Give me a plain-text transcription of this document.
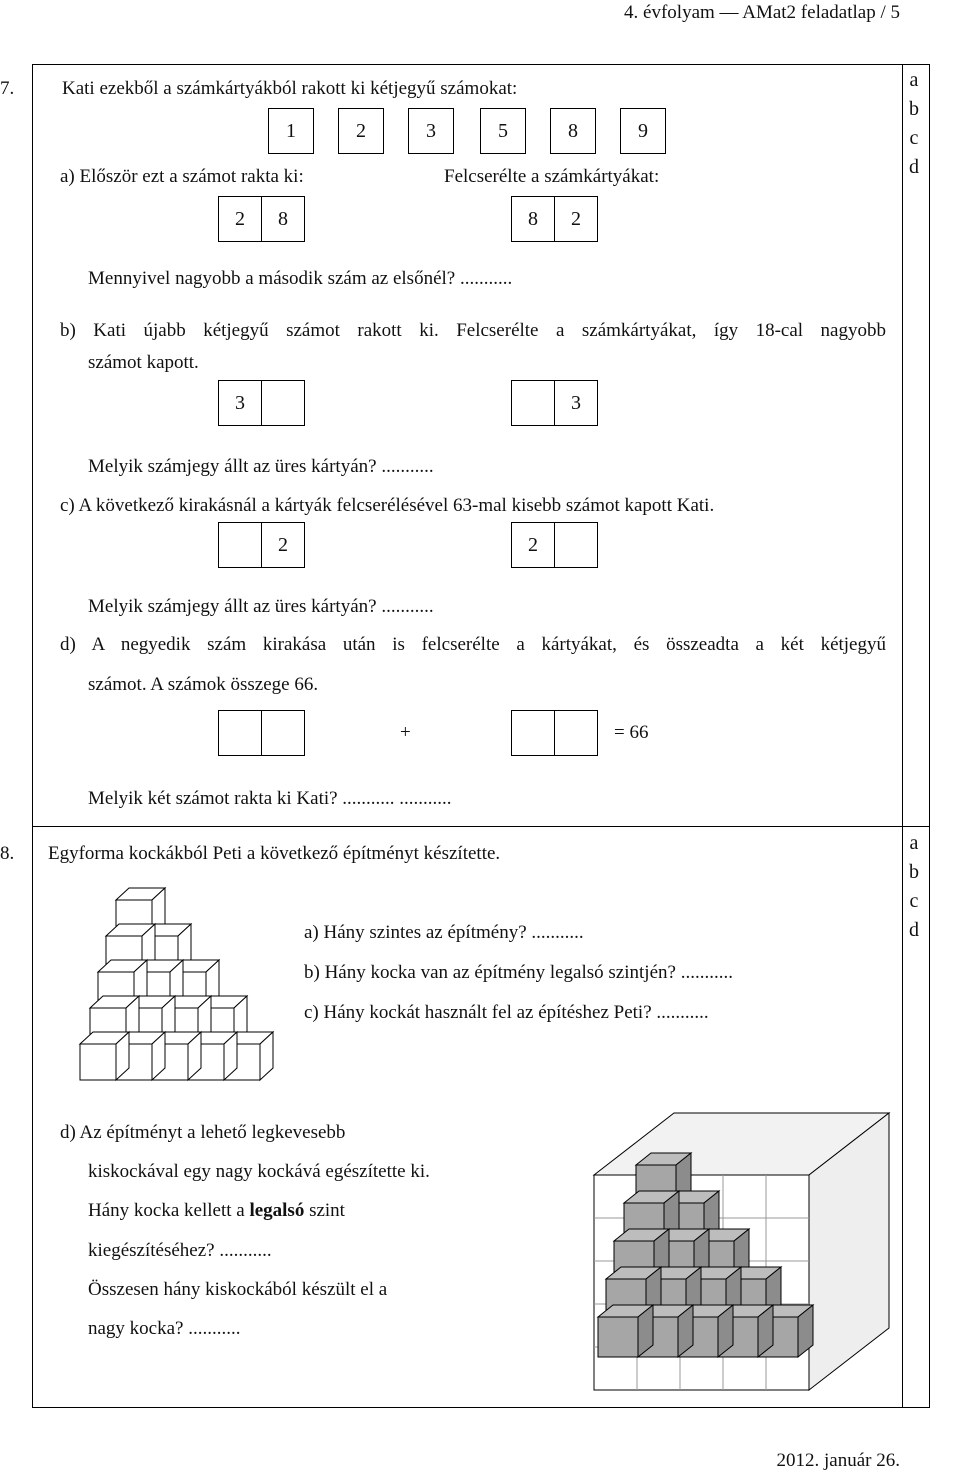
4. évfolyam — AMat2 feladatlap / 5
a
b
c
d
a
b
c
d
7.	Kati ezekből a számkártyákból rakott ki kétjegyű számokat:
1	2	3	5	8	9
a) Először ezt a számot rakta ki:	Felcserélte a számkártyákat:
2	8	8	2
Mennyivel nagyobb a második szám az elsőnél? ...........
b) Kati újabb kétjegyű számot rakott ki. Felcserélte a számkártyákat, így 18-cal nagyobb
számot kapott.
3	3
Melyik számjegy állt az üres kártyán? ...........
c) A következő kirakásnál a kártyák felcserélésével 63-mal kisebb számot kapott Kati.
2	2
Melyik számjegy állt az üres kártyán? ...........
d) A negyedik szám kirakása után is felcserélte a kártyákat, és összeadta a két kétjegyű
számot. A számok összege 66.
+	= 66
Melyik két számot rakta ki Kati? ........... ...........
8. Egyforma kockákból Peti a következő építményt készítette.
a) Hány szintes az építmény? ...........
b) Hány kocka van az építmény legalsó szintjén? ...........
c) Hány kockát használt fel az építéshez Peti? ...........
d) Az építményt a lehető legkevesebb
kiskockával egy nagy kockává egészítette ki.
Hány kocka kellett a legalsó szint
kiegészítéséhez? ...........
Összesen hány kiskockából készült el a
nagy kocka? ...........
2012. január 26.
